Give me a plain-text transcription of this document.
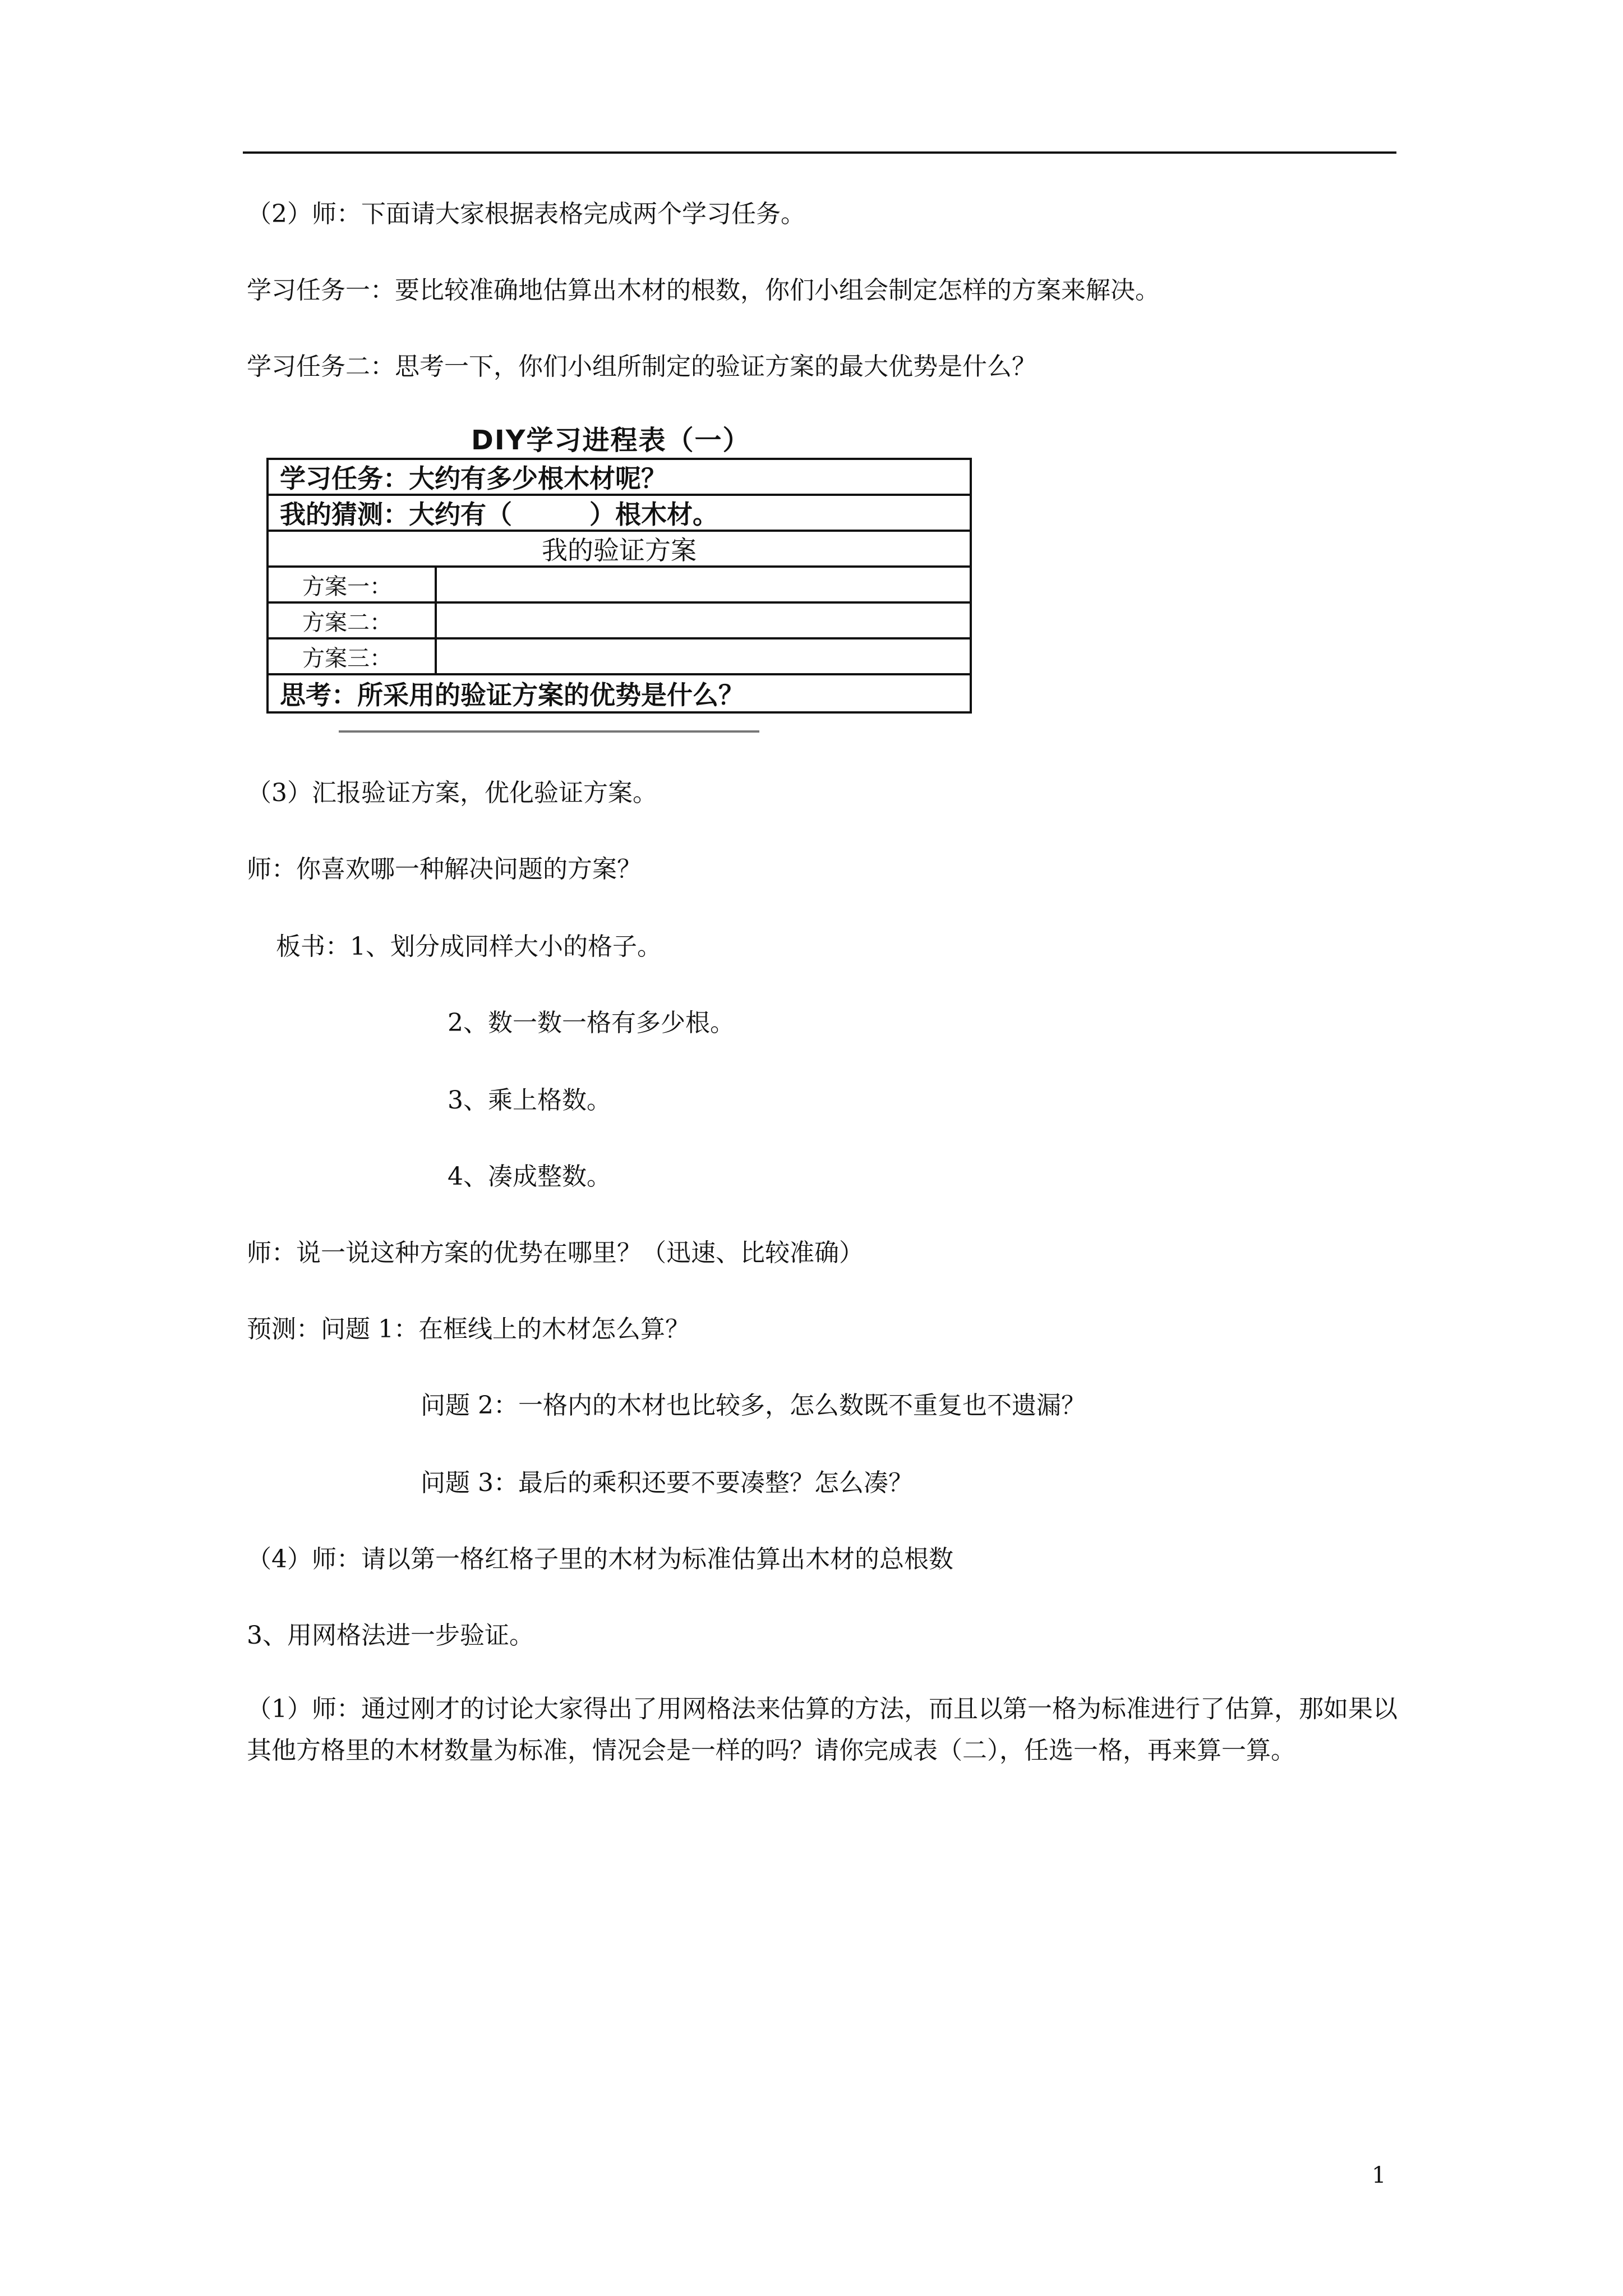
（2）师：下面请大家根据表格完成两个学习任务。
学习任务一：要比较准确地估算出木材的根数，你们小组会制定怎样的方案来解决。
学习任务二：思考一下，你们小组所制定的验证方案的最大优势是什么？
DIY学习进程表（一）
学习任务：大约有多少根木材呢？
我的猜测：大约有（　　　）根木材。
我的验证方案
方案一：
方案二：
方案三：
思考：所采用的验证方案的优势是什么？
（3）汇报验证方案，优化验证方案。
师：你喜欢哪一种解决问题的方案？
板书：1、划分成同样大小的格子。
2、数一数一格有多少根。
3、乘上格数。
4、凑成整数。
师：说一说这种方案的优势在哪里？（迅速、比较准确）
预测：问题 1：在框线上的木材怎么算？
问题 2：一格内的木材也比较多，怎么数既不重复也不遗漏？
问题 3：最后的乘积还要不要凑整？怎么凑？
（4）师：请以第一格红格子里的木材为标准估算出木材的总根数
3、用网格法进一步验证。
（1）师：通过刚才的讨论大家得出了用网格法来估算的方法，而且以第一格为标准进行了估算，那如果以其他方格里的木材数量为标准，情况会是一样的吗？请你完成表（二），任选一格，再来算一算。
1
